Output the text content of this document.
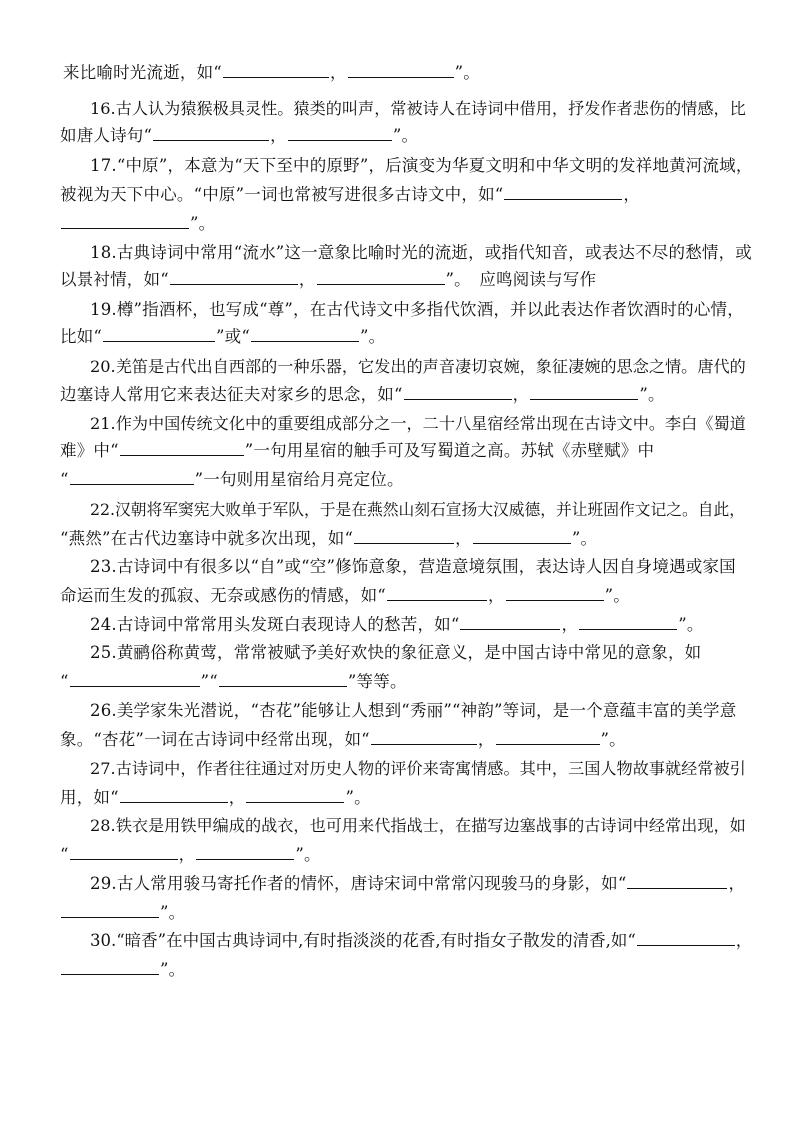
来比喻时光流逝，如“	，	”。
16.古人认为猿猴极具灵性。猿类的叫声，常被诗人在诗词中借用，抒发作者悲伤的情感，比
如唐人诗句“	，	”。
17.“中原”，本意为“天下至中的原野”，后演变为华夏文明和中华文明的发祥地黄河流域，
被视为天下中心。“中原”一词也常被写进很多古诗文中，如“	，
”。
18.古典诗词中常用“流水”这一意象比喻时光的流逝，或指代知音，或表达不尽的愁情，或
以景衬情，如“	，	”。　应鸣阅读与写作
19.樽”指酒杯，也写成“尊”，在古代诗文中多指代饮酒，并以此表达作者饮酒时的心情，
比如“	”或“	”。
20.羌笛是古代出自西部的一种乐器，它发出的声音凄切哀婉，象征凄婉的思念之情。唐代的
边塞诗人常用它来表达征夫对家乡的思念，如“	，	”。
21.作为中国传统文化中的重要组成部分之一，二十八星宿经常出现在古诗文中。李白《蜀道
难》中“	”一句用星宿的触手可及写蜀道之高。苏轼《赤壁赋》中
“	”一句则用星宿给月亮定位。
22.汉朝将军窦宪大败单于军队，于是在燕然山刻石宣扬大汉威德，并让班固作文记之。自此，
“燕然”在古代边塞诗中就多次出现，如“	，	”。
23.古诗词中有很多以“自”或“空”修饰意象，营造意境氛围，表达诗人因自身境遇或家国
命运而生发的孤寂、无奈或感伤的情感，如“	，	”。
24.古诗词中常常用头发斑白表现诗人的愁苦，如“	，	”。
25.黄鹂俗称黄莺，常常被赋予美好欢快的象征意义，是中国古诗中常见的意象，如
“	”“	”等等。
26.美学家朱光潜说，“杏花”能够让人想到“秀丽”“神韵”等词，是一个意蕴丰富的美学意
象。“杏花”一词在古诗词中经常出现，如“	，	”。
27.古诗词中，作者往往通过对历史人物的评价来寄寓情感。其中，三国人物故事就经常被引
用，如“	，	”。
28.铁衣是用铁甲编成的战衣，也可用来代指战士，在描写边塞战事的古诗词中经常出现，如
“	，	”。
29.古人常用骏马寄托作者的情怀，唐诗宋词中常常闪现骏马的身影，如“	，
”。
30.“暗香”在中国古典诗词中,有时指淡淡的花香,有时指女子散发的清香,如“	，
”。
